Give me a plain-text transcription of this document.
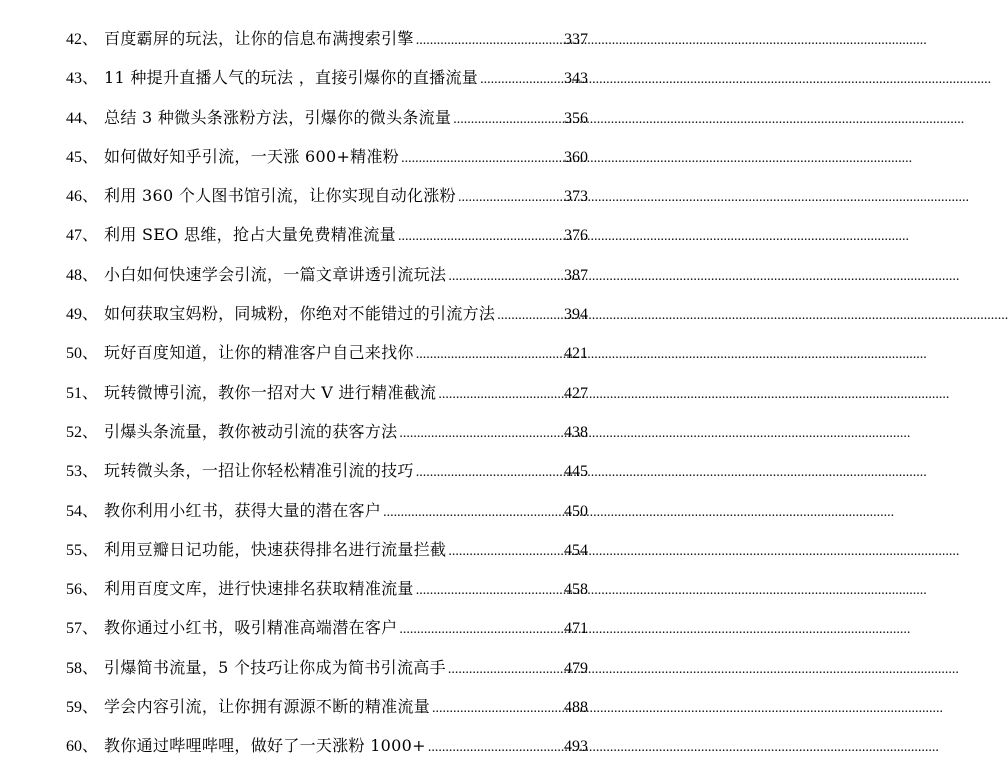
42 、 百度霸屏的玩法，让你的信息布满搜索引擎 .....	337
43 、 11 种提升直播人气的玩法 ，直接引爆你的直播流量 .....	343
44 、 总结 3 种微头条涨粉方法，引爆你的微头条流量 .....	356
45 、 如何做好知乎引流，一天涨 600+精准粉 .....	360
46 、 利用 360 个人图书馆引流，让你实现自动化涨粉 .....	373
47 、 利用 SEO 思维，抢占大量免费精准流量 .....	376
48 、 小白如何快速学会引流，一篇文章讲透引流玩法 .....	387
49 、 如何获取宝妈粉，同城粉，你绝对不能错过的引流方法 .....	394
50 、 玩好百度知道，让你的精准客户自己来找你 .....	421
51 、 玩转微博引流，教你一招对大 V 进行精准截流 .....	427
52 、 引爆头条流量，教你被动引流的获客方法 .....	438
53 、 玩转微头条，一招让你轻松精准引流的技巧 .....	445
54 、 教你利用小红书，获得大量的潜在客户 .....	450
55 、 利用豆瓣日记功能，快速获得排名进行流量拦截 .....	454
56 、 利用百度文库，进行快速排名获取精准流量 .....	458
57 、 教你通过小红书，吸引精准高端潜在客户 .....	471
58 、 引爆简书流量，5 个技巧让你成为简书引流高手 .....	479
59 、 学会内容引流，让你拥有源源不断的精准流量 .....	488
60 、 教你通过哔哩哔哩，做好了一天涨粉 1000+ .....	493
